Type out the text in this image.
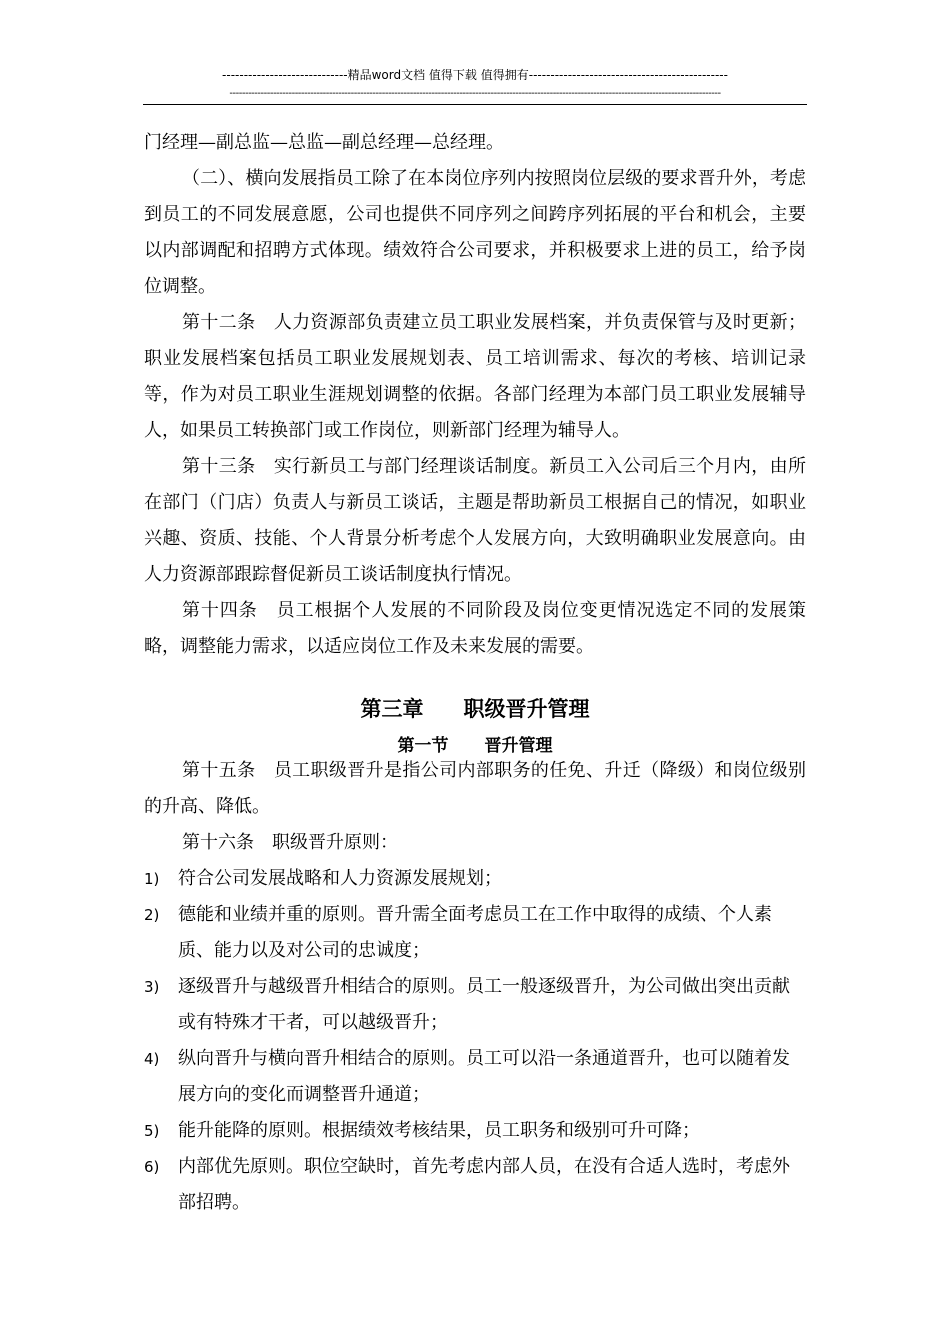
-----------------------------精品word文档 值得下载 值得拥有----------------------------------------------
--------------------------------------------------------------------------------------------------------------------------------------------------------------

门经理—副总监—总监—副总经理—总经理。

（二）、横向发展指员工除了在本岗位序列内按照岗位层级的要求晋升外，考虑到员工的不同发展意愿，公司也提供不同序列之间跨序列拓展的平台和机会，主要以内部调配和招聘方式体现。绩效符合公司要求，并积极要求上进的员工，给予岗位调整。

第十二条　人力资源部负责建立员工职业发展档案，并负责保管与及时更新；职业发展档案包括员工职业发展规划表、员工培训需求、每次的考核、培训记录等，作为对员工职业生涯规划调整的依据。各部门经理为本部门员工职业发展辅导人，如果员工转换部门或工作岗位，则新部门经理为辅导人。

第十三条　实行新员工与部门经理谈话制度。新员工入公司后三个月内，由所在部门（门店）负责人与新员工谈话，主题是帮助新员工根据自己的情况，如职业兴趣、资质、技能、个人背景分析考虑个人发展方向，大致明确职业发展意向。由人力资源部跟踪督促新员工谈话制度执行情况。

第十四条　员工根据个人发展的不同阶段及岗位变更情况选定不同的发展策略，调整能力需求，以适应岗位工作及未来发展的需要。

第三章 职级晋升管理
第一节 晋升管理

第十五条　员工职级晋升是指公司内部职务的任免、升迁（降级）和岗位级别的升高、降低。

第十六条　职级晋升原则：

1) 符合公司发展战略和人力资源发展规划；
2) 德能和业绩并重的原则。晋升需全面考虑员工在工作中取得的成绩、个人素质、能力以及对公司的忠诚度；
3) 逐级晋升与越级晋升相结合的原则。员工一般逐级晋升，为公司做出突出贡献或有特殊才干者，可以越级晋升；
4) 纵向晋升与横向晋升相结合的原则。员工可以沿一条通道晋升，也可以随着发展方向的变化而调整晋升通道；
5) 能升能降的原则。根据绩效考核结果，员工职务和级别可升可降；
6) 内部优先原则。职位空缺时，首先考虑内部人员，在没有合适人选时，考虑外部招聘。
